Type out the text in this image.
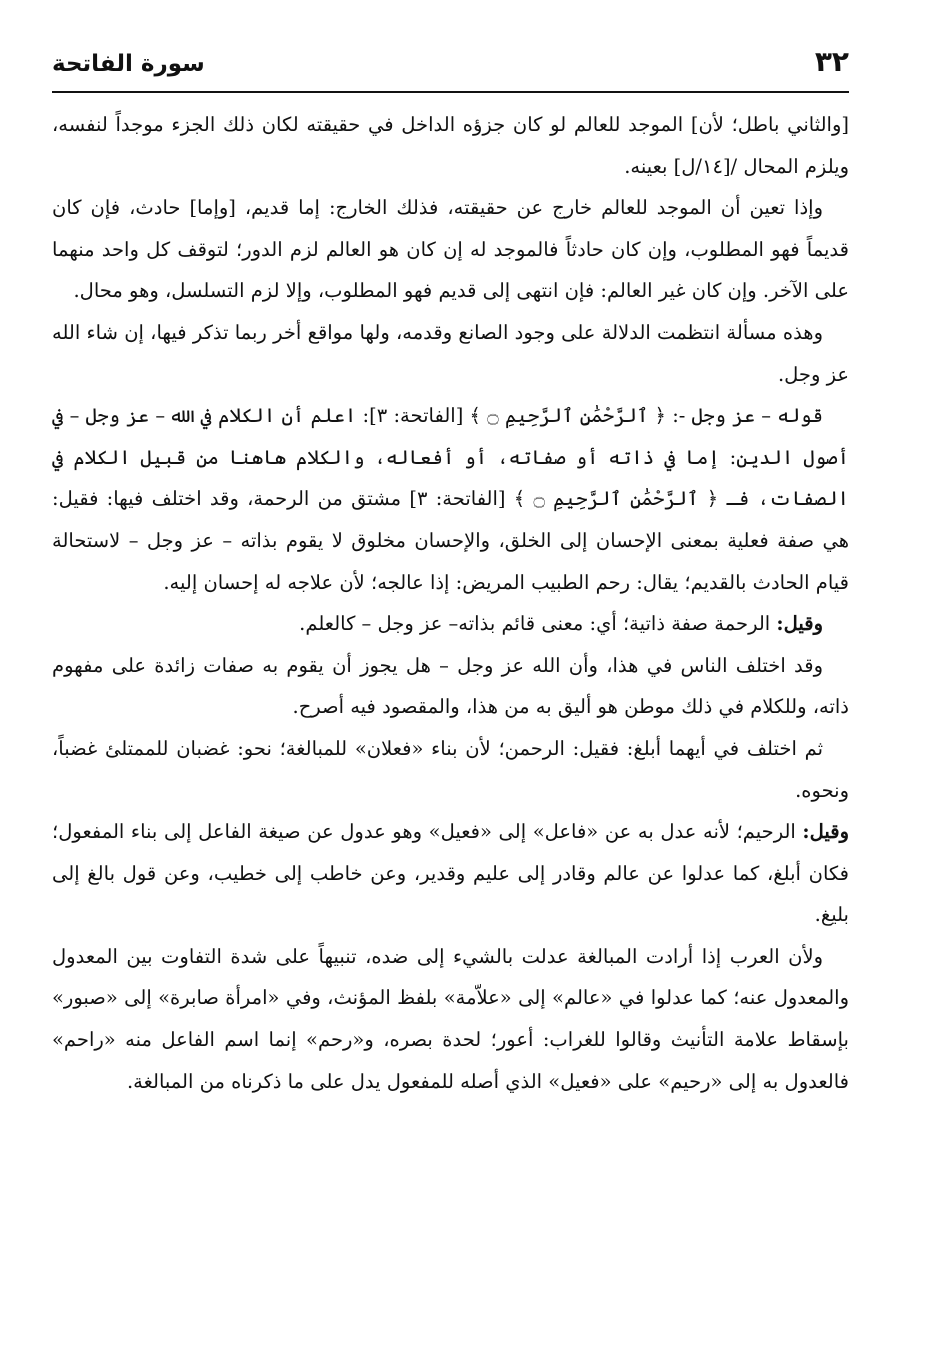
٣٢
سورة الفاتحة

[والثاني باطل؛ لأن] الموجد للعالم لو كان جزؤه الداخل في حقيقته لكان ذلك الجزء موجداً لنفسه، ويلزم المحال /[١٤/ل] بعينه.

وإذا تعين أن الموجد للعالم خارج عن حقيقته، فذلك الخارج: إما قديم، [وإما] حادث، فإن كان قديماً فهو المطلوب، وإن كان حادثاً فالموجد له إن كان هو العالم لزم الدور؛ لتوقف كل واحد منهما على الآخر. وإن كان غير العالم: فإن انتهى إلى قديم فهو المطلوب، وإلا لزم التسلسل، وهو محال.

وهذه مسألة انتظمت الدلالة على وجود الصانع وقدمه، ولها مواقع أخر ربما تذكر فيها، إن شاء الله عز وجل.

قوله – عز وجل -: ﴿ ٱلرَّحْمَٰنِ ٱلرَّحِيمِ ۝ ﴾ [الفاتحة: ٣]: اعلم أن الكلام في الله – عز وجل – في أصول الدين: إما في ذاته أو صفاته، أو أفعاله، والكلام هاهنا من قبيل الكلام في الصفات، فـ ﴿ ٱلرَّحْمَٰنِ ٱلرَّحِيمِ ۝ ﴾ [الفاتحة: ٣] مشتق من الرحمة، وقد اختلف فيها: فقيل: هي صفة فعلية بمعنى الإحسان إلى الخلق، والإحسان مخلوق لا يقوم بذاته – عز وجل – لاستحالة قيام الحادث بالقديم؛ يقال: رحم الطبيب المريض: إذا عالجه؛ لأن علاجه له إحسان إليه.

وقيل: الرحمة صفة ذاتية؛ أي: معنى قائم بذاته– عز وجل – كالعلم.

وقد اختلف الناس في هذا، وأن الله عز وجل – هل يجوز أن يقوم به صفات زائدة على مفهوم ذاته، وللكلام في ذلك موطن هو أليق به من هذا، والمقصود فيه أصرح.

ثم اختلف في أيهما أبلغ: فقيل: الرحمن؛ لأن بناء «فعلان» للمبالغة؛ نحو: غضبان للممتلئ غضباً، ونحوه.

وقيل: الرحيم؛ لأنه عدل به عن «فاعل» إلى «فعيل» وهو عدول عن صيغة الفاعل إلى بناء المفعول؛ فكان أبلغ، كما عدلوا عن عالم وقادر إلى عليم وقدير، وعن خاطب إلى خطيب، وعن قول بالغ إلى بليغ.

ولأن العرب إذا أرادت المبالغة عدلت بالشيء إلى ضده، تنبيهاً على شدة التفاوت بين المعدول والمعدول عنه؛ كما عدلوا في «عالم» إلى «علاّمة» بلفظ المؤنث، وفي «امرأة صابرة» إلى «صبور» بإسقاط علامة التأنيث وقالوا للغراب: أعور؛ لحدة بصره، و«رحم» إنما اسم الفاعل منه «راحم» فالعدول به إلى «رحيم» على «فعيل» الذي أصله للمفعول يدل على ما ذكرناه من المبالغة.
